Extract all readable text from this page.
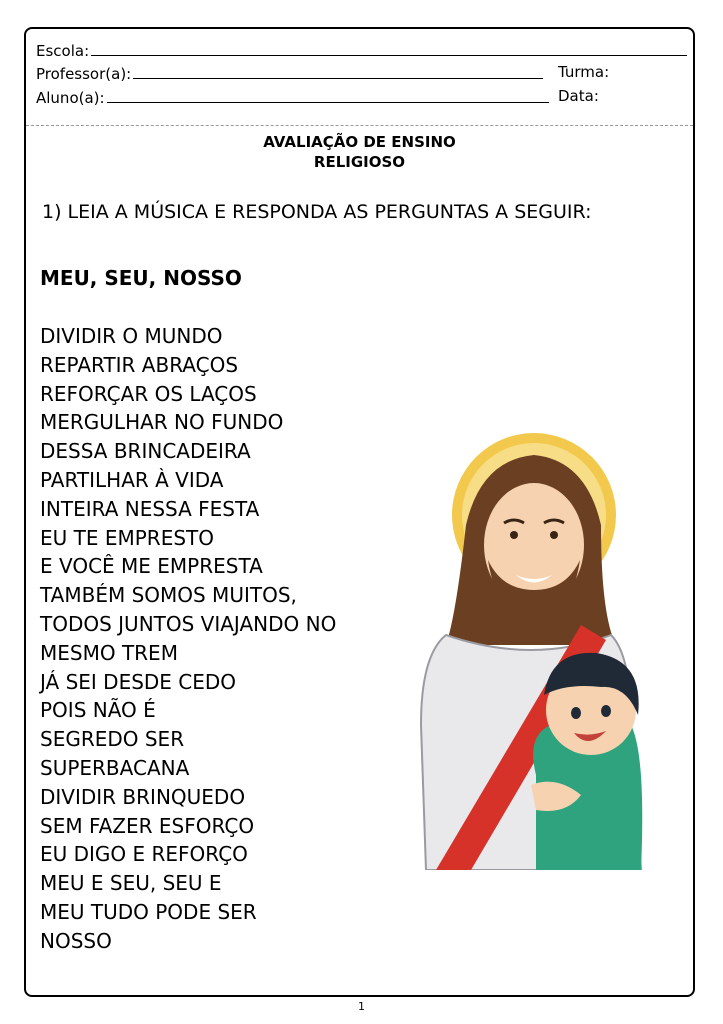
Escola:
Professor(a):	Turma:
Aluno(a):	Data:
AVALIAÇÃO DE ENSINO
RELIGIOSO
1) LEIA A MÚSICA E RESPONDA AS PERGUNTAS A SEGUIR:
MEU, SEU, NOSSO
DIVIDIR O MUNDO
REPARTIR ABRAÇOS
REFORÇAR OS LAÇOS
MERGULHAR NO FUNDO
DESSA BRINCADEIRA
PARTILHAR À VIDA
INTEIRA NESSA FESTA
EU TE EMPRESTO
E VOCÊ ME EMPRESTA
TAMBÉM SOMOS MUITOS,
TODOS JUNTOS VIAJANDO NO
MESMO TREM
JÁ SEI DESDE CEDO
POIS NÃO É
SEGREDO SER
SUPERBACANA
DIVIDIR BRINQUEDO
SEM FAZER ESFORÇO
EU DIGO E REFORÇO
MEU E SEU, SEU E
MEU TUDO PODE SER
NOSSO
1
